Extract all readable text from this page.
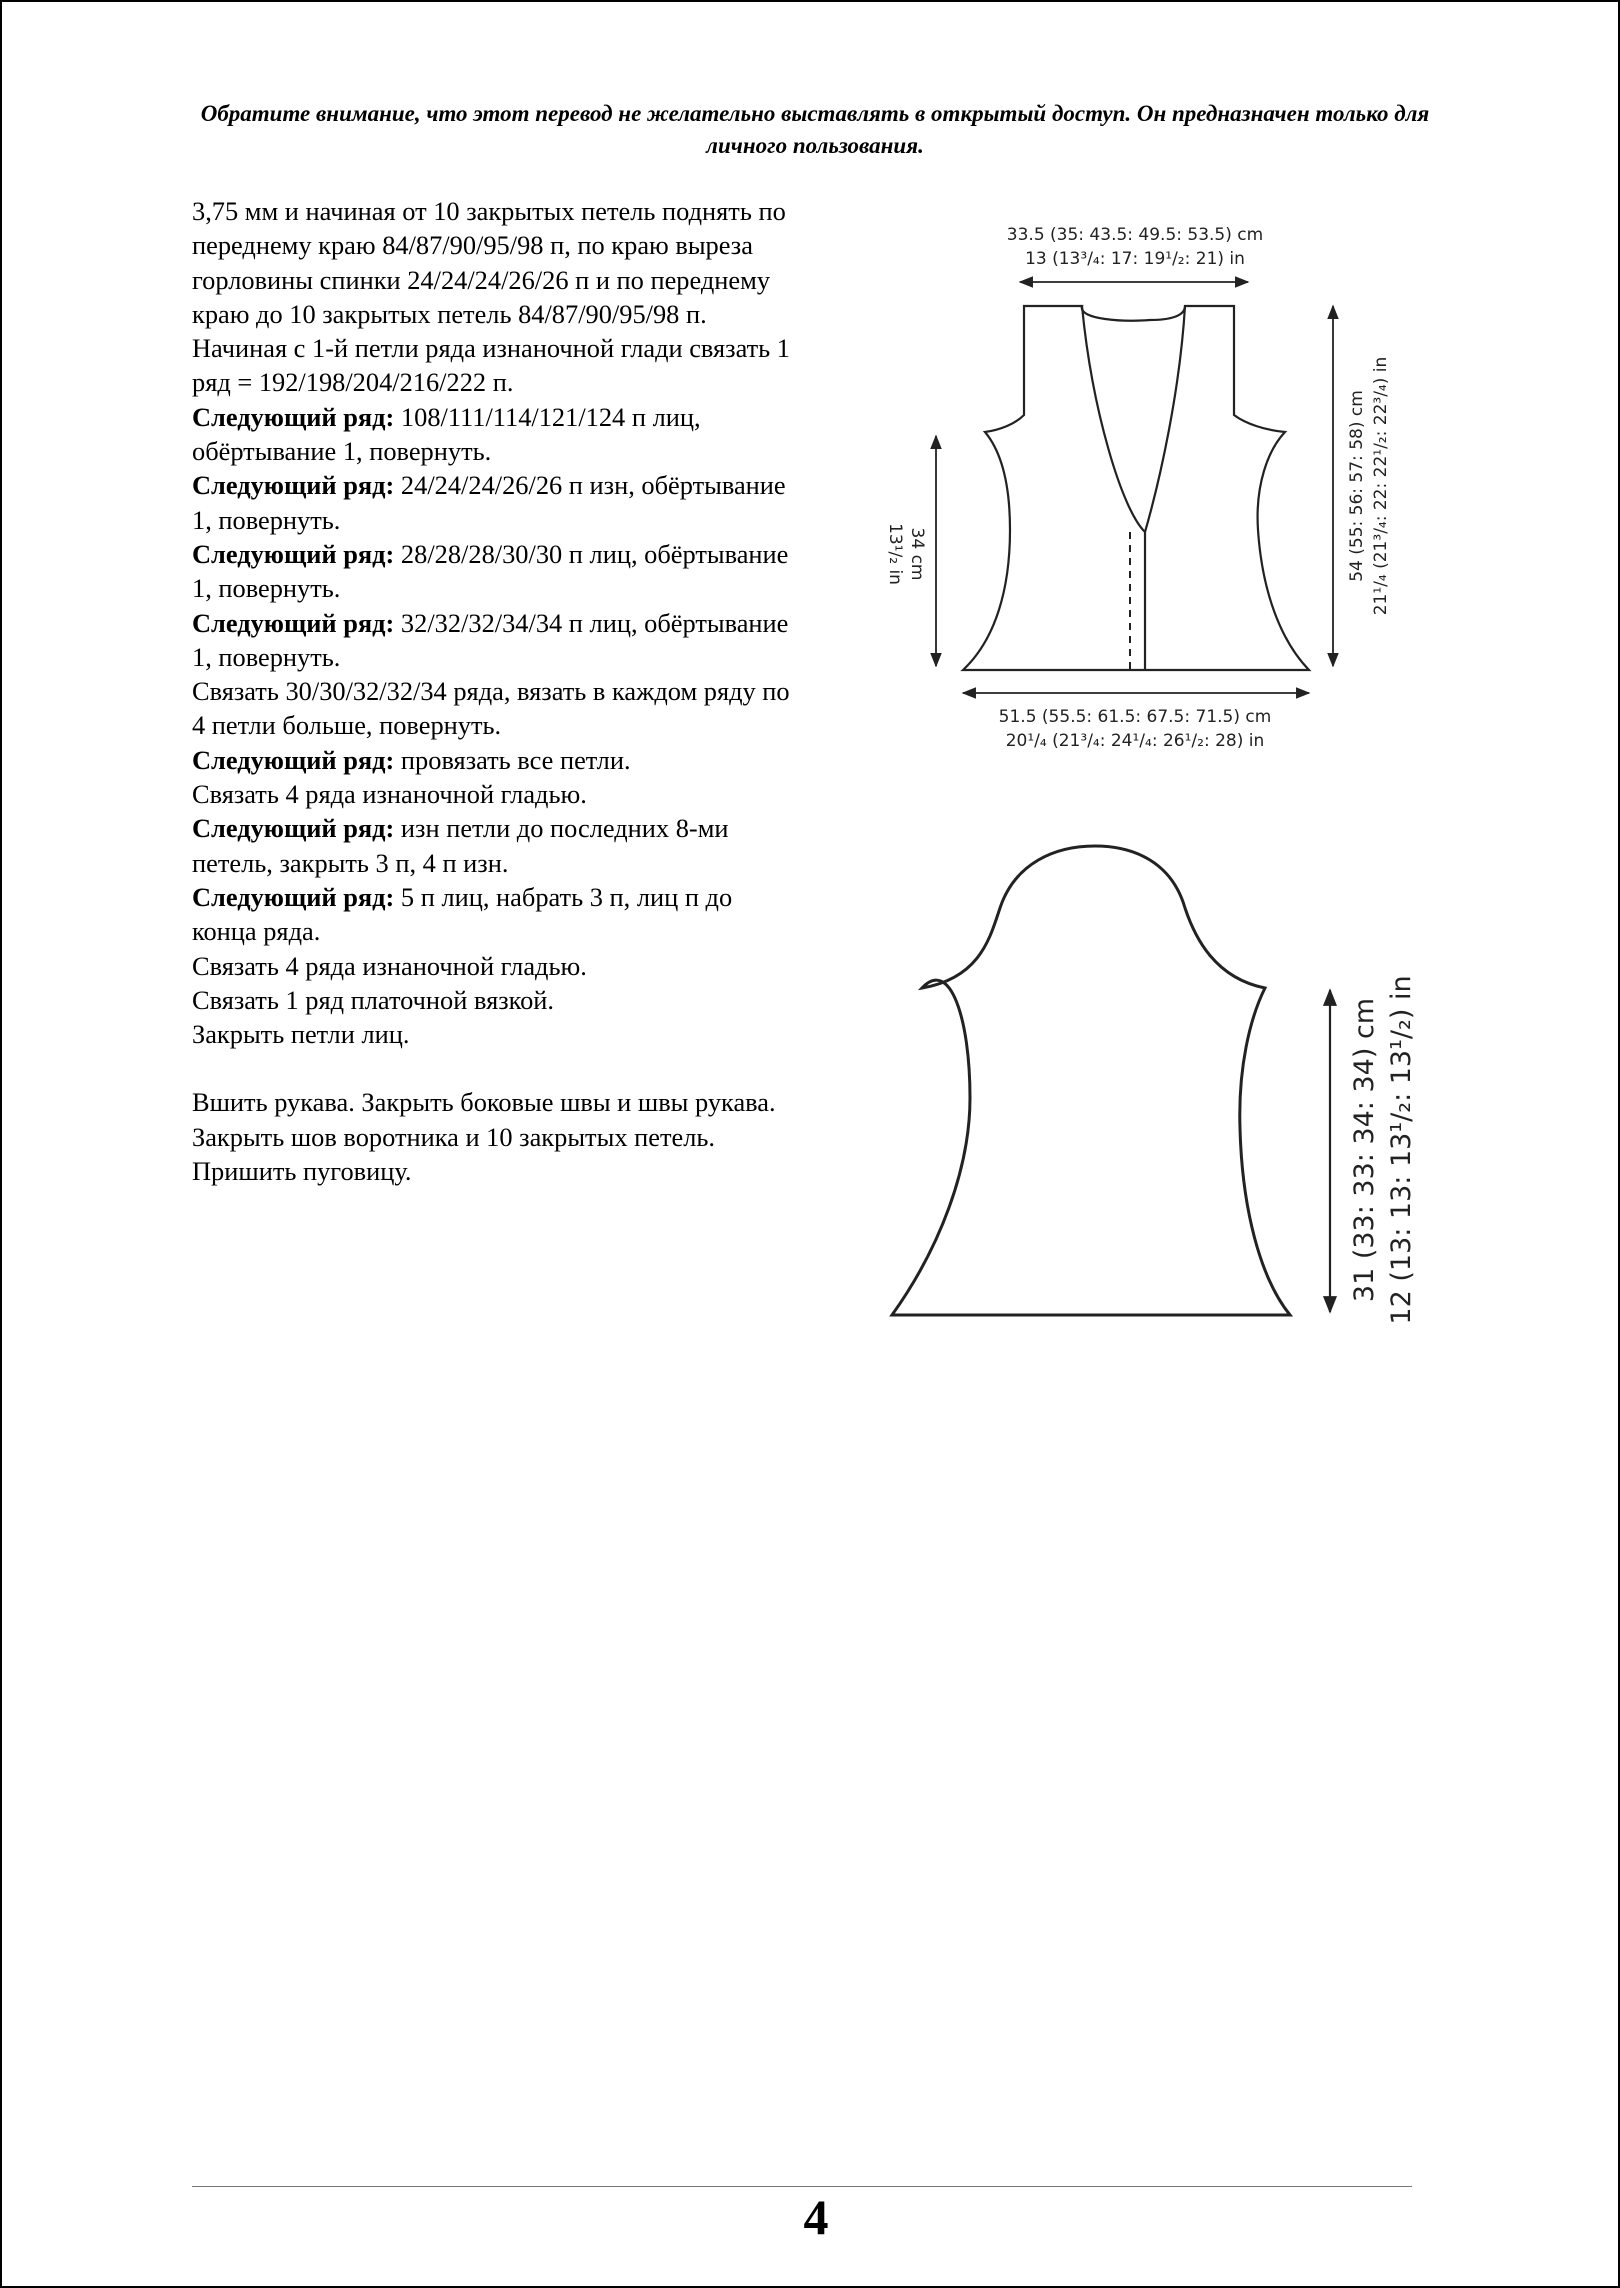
Обратите внимание, что этот перевод не желательно выставлять в открытый доступ. Он предназначен только для личного пользования.

3,75 мм и начиная от 10 закрытых петель поднять по переднему краю 84/87/90/95/98 п, по краю выреза горловины спинки 24/24/24/26/26 п и по переднему краю до 10 закрытых петель 84/87/90/95/98 п.

Начиная с 1-й петли ряда изнаночной глади связать 1 ряд = 192/198/204/216/222 п.

Следующий ряд: 108/111/114/121/124 п лиц, обёртывание 1, повернуть.

Следующий ряд: 24/24/24/26/26 п изн, обёртывание 1, повернуть.

Следующий ряд: 28/28/28/30/30 п лиц, обёртывание 1, повернуть.

Следующий ряд: 32/32/32/34/34 п лиц, обёртывание 1, повернуть.

Связать 30/30/32/32/34 ряда, вязать в каждом ряду по 4 петли больше, повернуть.

Следующий ряд: провязать все петли.

Связать 4 ряда изнаночной гладью.

Следующий ряд: изн петли до последних 8-ми петель, закрыть 3 п, 4 п изн.

Следующий ряд: 5 п лиц, набрать 3 п, лиц п до конца ряда.

Связать 4 ряда изнаночной гладью.

Связать 1 ряд платочной вязкой.

Закрыть петли лиц.

Вшить рукава. Закрыть боковые швы и швы рукава. Закрыть шов воротника и 10 закрытых петель. Пришить пуговицу.

33.5 (35: 43.5: 49.5: 53.5) cm
13 (13³/₄: 17: 19¹/₂: 21) in
34 cm
13¹/₂ in	54 (55: 56: 57: 58) cm 21¹/₄ (21³/₄: 22: 22¹/₂: 22³/₄) in
51.5 (55.5: 61.5: 67.5: 71.5) cm
20¹/₄ (21³/₄: 24¹/₄: 26¹/₂: 28) in
31 (33: 33: 34: 34) cm 12 (13: 13: 13¹/₂: 13¹/₂) in
4
